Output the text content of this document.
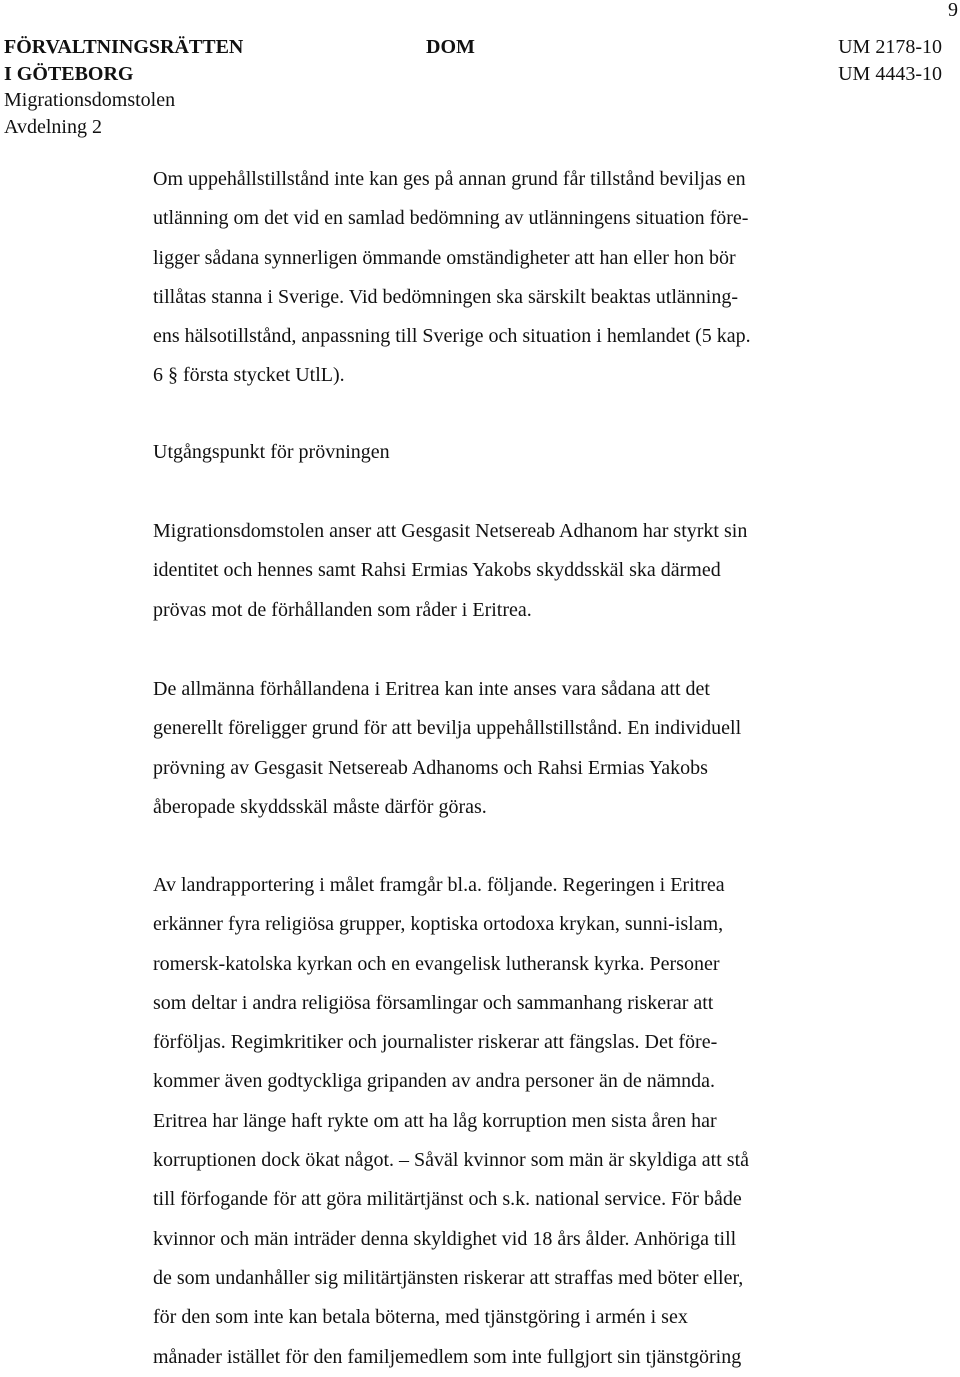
9
FÖRVALTNINGSRÄTTEN
I GÖTEBORG
Migrationsdomstolen
Avdelning 2
DOM	UM 2178-10
UM 4443-10
Om uppehållstillstånd inte kan ges på annan grund får tillstånd beviljas en
utlänning om det vid en samlad bedömning av utlänningens situation före-
ligger sådana synnerligen ömmande omständigheter att han eller hon bör
tillåtas stanna i Sverige. Vid bedömningen ska särskilt beaktas utlänning-
ens hälsotillstånd, anpassning till Sverige och situation i hemlandet (5 kap.
6 § första stycket UtlL).
Utgångspunkt för prövningen
Migrationsdomstolen anser att Gesgasit Netsereab Adhanom har styrkt sin
identitet och hennes samt Rahsi Ermias Yakobs skyddsskäl ska därmed
prövas mot de förhållanden som råder i Eritrea.
De allmänna förhållandena i Eritrea kan inte anses vara sådana att det
generellt föreligger grund för att bevilja uppehållstillstånd. En individuell
prövning av Gesgasit Netsereab Adhanoms och Rahsi Ermias Yakobs
åberopade skyddsskäl måste därför göras.
Av landrapportering i målet framgår bl.a. följande. Regeringen i Eritrea
erkänner fyra religiösa grupper, koptiska ortodoxa krykan, sunni-islam,
romersk-katolska kyrkan och en evangelisk lutheransk kyrka. Personer
som deltar i andra religiösa församlingar och sammanhang riskerar att
förföljas. Regimkritiker och journalister riskerar att fängslas. Det före-
kommer även godtyckliga gripanden av andra personer än de nämnda.
Eritrea har länge haft rykte om att ha låg korruption men sista åren har
korruptionen dock ökat något. – Såväl kvinnor som män är skyldiga att stå
till förfogande för att göra militärtjänst och s.k. national service. För både
kvinnor och män inträder denna skyldighet vid 18 års ålder. Anhöriga till
de som undanhåller sig militärtjänsten riskerar att straffas med böter eller,
för den som inte kan betala böterna, med tjänstgöring i armén i sex
månader istället för den familjemedlem som inte fullgjort sin tjänstgöring
